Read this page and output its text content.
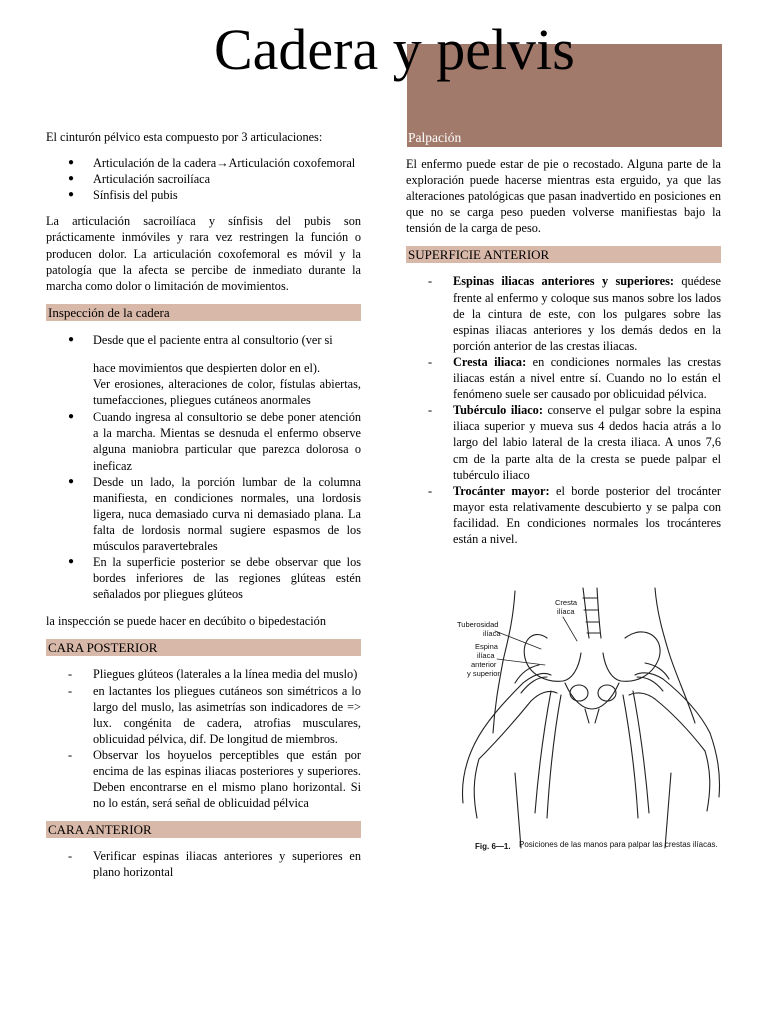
Cadera y pelvis

El cinturón pélvico esta compuesto por 3 articulaciones:

● Articulación de la cadera→Articulación coxofemoral
● Articulación sacroilíaca
● Sínfisis del pubis

La articulación sacroilíaca y sínfisis del pubis son prácticamente inmóviles y rara vez restringen la función o producen dolor. La articulación coxofemoral es móvil y la patología que la afecta se percibe de inmediato durante la marcha como dolor o limitación de movimientos.

Inspección de la cadera
● Desde que el paciente entra al consultorio (ver si
hace movimientos que despierten dolor en el).
Ver erosiones, alteraciones de color, fístulas abiertas, tumefacciones, pliegues cutáneos anormales
● Cuando ingresa al consultorio se debe poner atención a la marcha. Mientas se desnuda el enfermo observe alguna maniobra particular que parezca dolorosa o ineficaz
● Desde un lado, la porción lumbar de la columna manifiesta, en condiciones normales, una lordosis ligera, nuca demasiado curva ni demasiado plana. La falta de lordosis normal sugiere espasmos de los músculos paravertebrales
● En la superficie posterior se debe observar que los bordes inferiores de las regiones glúteas estén señalados por pliegues glúteos

la inspección se puede hacer en decúbito o bipedestación

CARA POSTERIOR
- Pliegues glúteos (laterales a la línea media del muslo)
- en lactantes los pliegues cutáneos son simétricos a lo largo del muslo, las asimetrías son indicadores de => lux. congénita de cadera, atrofias musculares, oblicuidad pélvica, dif. De longitud de miembros.
- Observar los hoyuelos perceptibles que están por encima de las espinas iliacas posteriores y superiores. Deben encontrarse en el mismo plano horizontal. Si no lo están, será señal de oblicuidad pélvica
CARA ANTERIOR
- Verificar espinas iliacas anteriores y superiores en plano horizontal
Palpación

El enfermo puede estar de pie o recostado. Alguna parte de la exploración puede hacerse mientras esta erguido, ya que las alteraciones patológicas que pasan inadvertido en posiciones en que no se carga peso pueden volverse manifiestas bajo la tensión de la carga de peso.

SUPERFICIE ANTERIOR
- Espinas iliacas anteriores y superiores: quédese frente al enfermo y coloque sus manos sobre los lados de la cintura de este, con los pulgares sobre las espinas iliacas anteriores y los demás dedos en la porción anterior de las crestas iliacas.
- Cresta iliaca: en condiciones normales las crestas iliacas están a nivel entre sí. Cuando no lo están el fenómeno suele ser causado por oblicuidad pélvica.
- Tubérculo iliaco: conserve el pulgar sobre la espina iliaca superior y mueva sus 4 dedos hacia atrás a lo largo del labio lateral de la cresta iliaca. A unos 7,6 cm de la parte alta de la cresta se puede palpar el tubérculo iliaco
- Trocánter mayor: el borde posterior del trocánter mayor esta relativamente descubierto y se palpa con facilidad. En condiciones normales los trocánteres están a nivel.
Cresta
ilíaca
Tuberosidad
ilíaca
Espina
ilíaca
anterior
y superior
Fig. 6—1. Posiciones de las manos para palpar las crestas ilíacas.
